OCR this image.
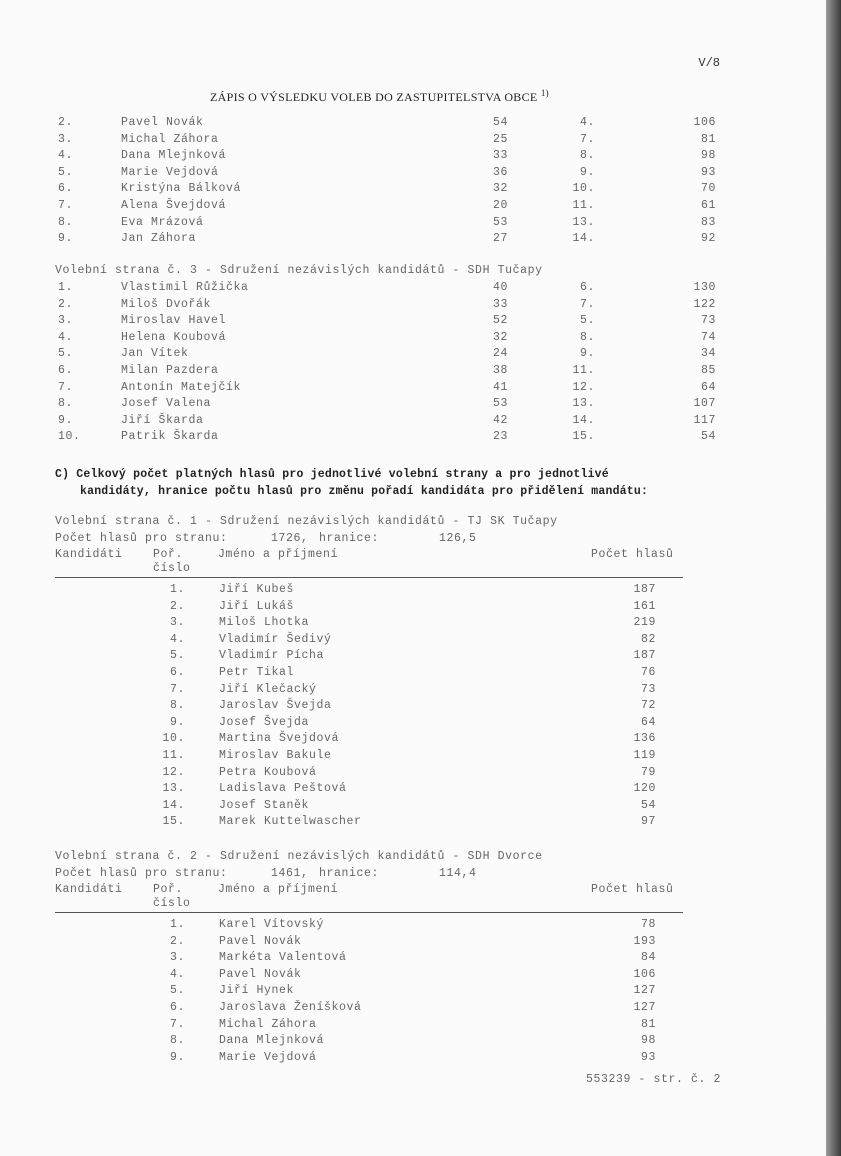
V/8
ZÁPIS O VÝSLEDKU VOLEB DO ZASTUPITELSTVA OBCE $^{1)}$
2.	Pavel Novák	54	4.	106
3.	Michal Záhora	25	7.	81
4.	Dana Mlejnková	33	8.	98
5.	Marie Vejdová	36	9.	93
6.	Kristýna Bálková	32	10.	70
7.	Alena Švejdová	20	11.	61
8.	Eva Mrázová	53	13.	83
9.	Jan Záhora	27	14.	92
Volební strana č. 3 - Sdružení nezávislých kandidátů - SDH Tučapy
1.	Vlastimil Růžička	40	6.	130
2.	Miloš Dvořák	33	7.	122
3.	Miroslav Havel	52	5.	73
4.	Helena Koubová	32	8.	74
5.	Jan Vítek	24	9.	34
6.	Milan Pazdera	38	11.	85
7.	Antonín Matejčík	41	12.	64
8.	Josef Valena	53	13.	107
9.	Jiří Škarda	42	14.	117
10.	Patrik Škarda	23	15.	54
C) Celkový počet platných hlasů pro jednotlivé volební strany a pro jednotlivé
kandidáty, hranice počtu hlasů pro změnu pořadí kandidáta pro přidělení mandátu:
Volební strana č. 1 - Sdružení nezávislých kandidátů - TJ SK Tučapy
Počet hlasů pro stranu:	1726, hranice:	126,5
Kandidáti	Poř.
číslo
Jméno a příjmení	Počet hlasů
1.	Jiří Kubeš	187
2.	Jiří Lukáš	161
3.	Miloš Lhotka	219
4.	Vladimír Šedivý	82
5.	Vladimír Pícha	187
6.	Petr Tikal	76
7.	Jiří Klečacký	73
8.	Jaroslav Švejda	72
9.	Josef Švejda	64
10.	Martina Švejdová	136
11.	Miroslav Bakule	119
12.	Petra Koubová	79
13.	Ladislava Peštová	120
14.	Josef Staněk	54
15.	Marek Kuttelwascher	97
Volební strana č. 2 - Sdružení nezávislých kandidátů - SDH Dvorce
Počet hlasů pro stranu:	1461, hranice:	114,4
Kandidáti	Poř.
číslo
Jméno a příjmení	Počet hlasů
1.	Karel Vítovský	78
2.	Pavel Novák	193
3.	Markéta Valentová	84
4.	Pavel Novák	106
5.	Jiří Hynek	127
6.	Jaroslava Ženíšková	127
7.	Michal Záhora	81
8.	Dana Mlejnková	98
9.	Marie Vejdová	93
553239 - str. č. 2
